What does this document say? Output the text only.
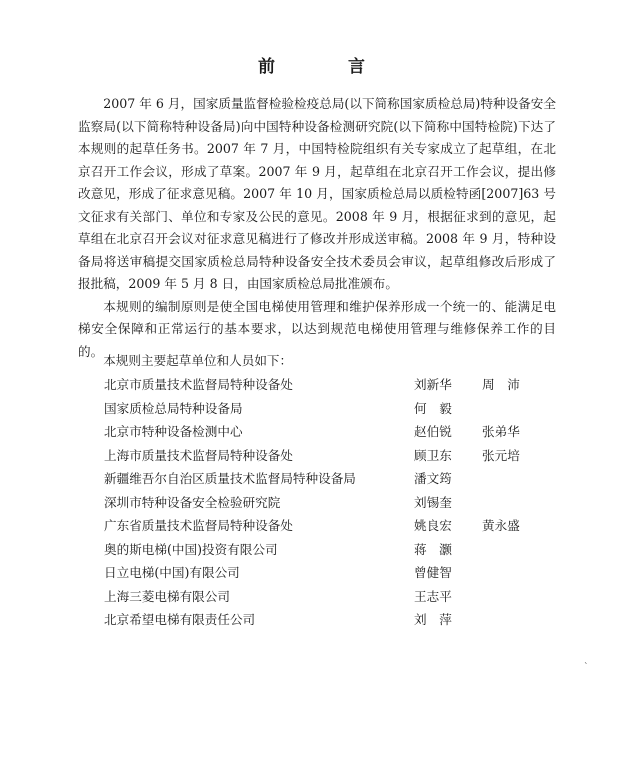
前　言

2007 年 6 月，国家质量监督检验检疫总局(以下简称国家质检总局)特种设备安全监察局(以下简称特种设备局)向中国特种设备检测研究院(以下简称中国特检院)下达了本规则的起草任务书。2007 年 7 月，中国特检院组织有关专家成立了起草组，在北京召开工作会议，形成了草案。2007 年 9 月，起草组在北京召开工作会议，提出修改意见，形成了征求意见稿。2007 年 10 月，国家质检总局以质检特函[2007]63 号文征求有关部门、单位和专家及公民的意见。2008 年 9 月，根据征求到的意见，起草组在北京召开会议对征求意见稿进行了修改并形成送审稿。2008 年 9 月，特种设备局将送审稿提交国家质检总局特种设备安全技术委员会审议，起草组修改后形成了报批稿，2009 年 5 月 8 日，由国家质检总局批准颁布。

本规则的编制原则是使全国电梯使用管理和维护保养形成一个统一的、能满足电梯安全保障和正常运行的基本要求，以达到规范电梯使用管理与维修保养工作的目的。

本规则主要起草单位和人员如下：
北京市质量技术监督局特种设备处	刘新华 周　沛
国家质检总局特种设备局	何　毅
北京市特种设备检测中心	赵伯锐 张弟华
上海市质量技术监督局特种设备处	顾卫东 张元培
新疆维吾尔自治区质量技术监督局特种设备局	潘文筠
深圳市特种设备安全检验研究院	刘锡奎
广东省质量技术监督局特种设备处	姚良宏 黄永盛
奥的斯电梯(中国)投资有限公司	蒋　灏
日立电梯(中国)有限公司	曾健智
上海三菱电梯有限公司	王志平
北京希望电梯有限责任公司	刘　萍
`
